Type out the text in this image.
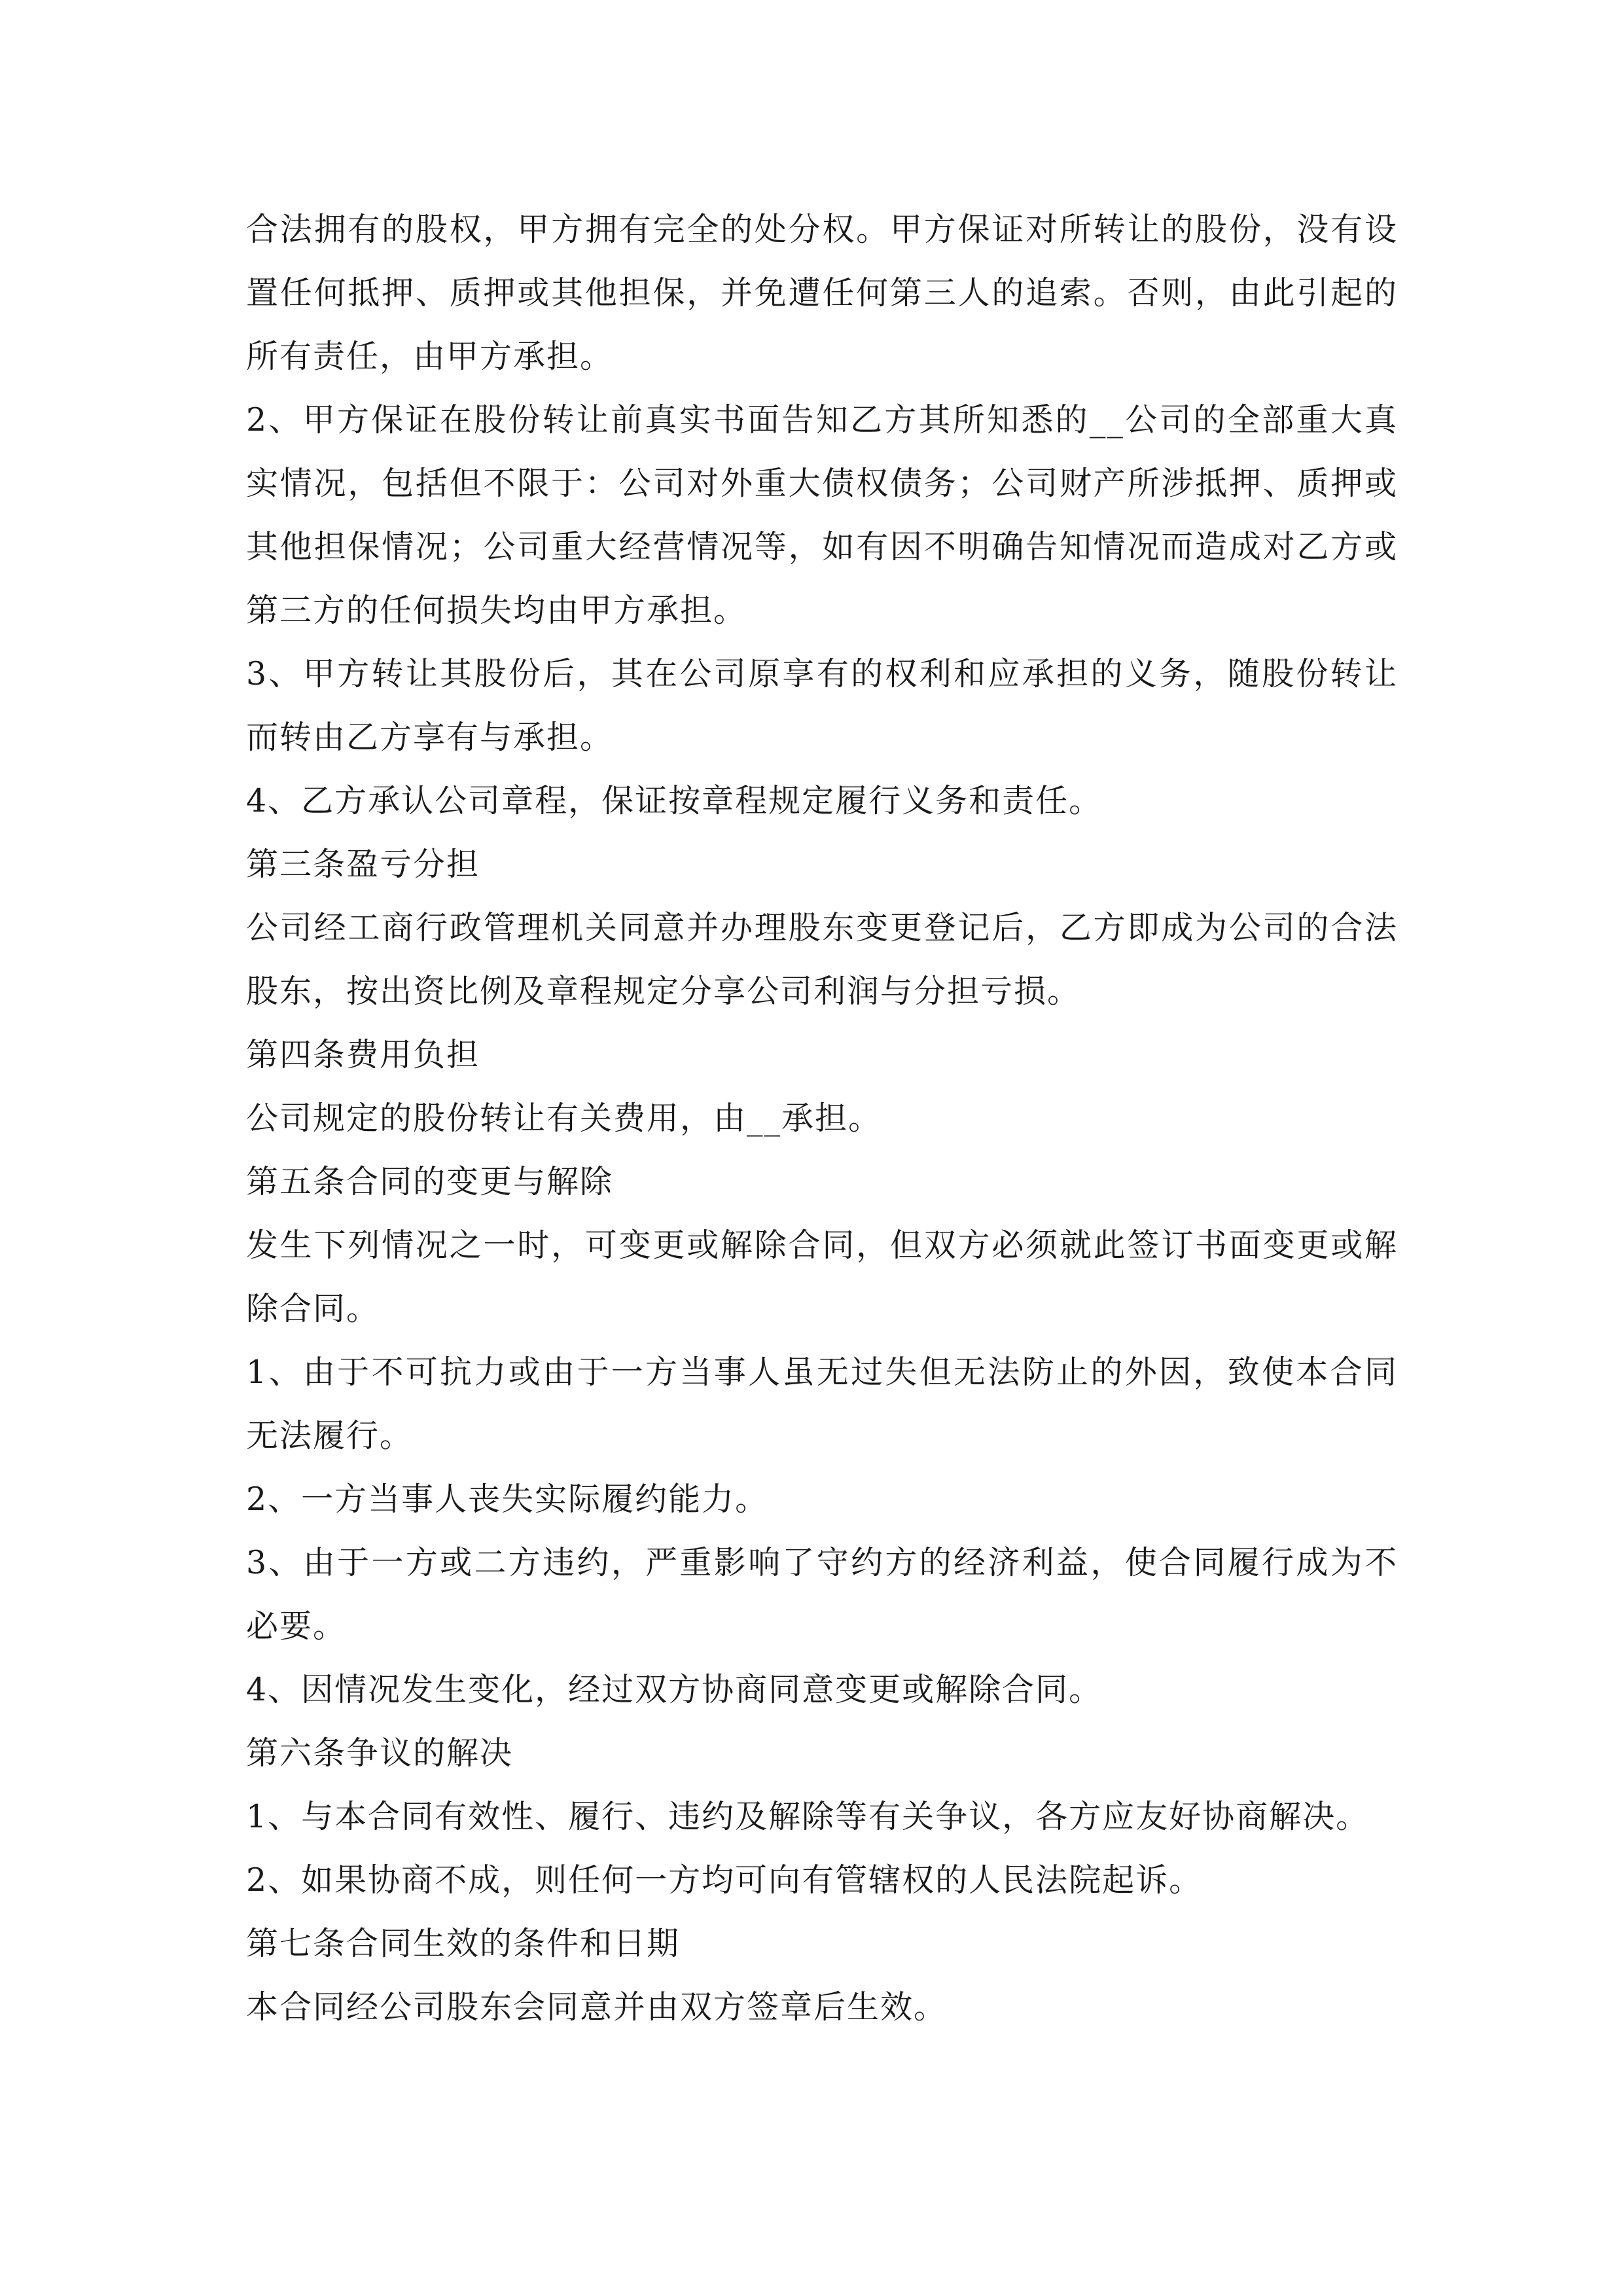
合法拥有的股权，甲方拥有完全的处分权。甲方保证对所转让的股份，没有设置任何抵押、质押或其他担保，并免遭任何第三人的追索。否则，由此引起的所有责任，由甲方承担。

2、甲方保证在股份转让前真实书面告知乙方其所知悉的__公司的全部重大真实情况，包括但不限于：公司对外重大债权债务；公司财产所涉抵押、质押或其他担保情况；公司重大经营情况等，如有因不明确告知情况而造成对乙方或第三方的任何损失均由甲方承担。

3、甲方转让其股份后，其在公司原享有的权利和应承担的义务，随股份转让而转由乙方享有与承担。

4、乙方承认公司章程，保证按章程规定履行义务和责任。

第三条盈亏分担

公司经工商行政管理机关同意并办理股东变更登记后，乙方即成为公司的合法股东，按出资比例及章程规定分享公司利润与分担亏损。

第四条费用负担

公司规定的股份转让有关费用，由__承担。

第五条合同的变更与解除

发生下列情况之一时，可变更或解除合同，但双方必须就此签订书面变更或解除合同。

1、由于不可抗力或由于一方当事人虽无过失但无法防止的外因，致使本合同无法履行。

2、一方当事人丧失实际履约能力。

3、由于一方或二方违约，严重影响了守约方的经济利益，使合同履行成为不必要。

4、因情况发生变化，经过双方协商同意变更或解除合同。

第六条争议的解决

1、与本合同有效性、履行、违约及解除等有关争议，各方应友好协商解决。

2、如果协商不成，则任何一方均可向有管辖权的人民法院起诉。

第七条合同生效的条件和日期

本合同经公司股东会同意并由双方签章后生效。
